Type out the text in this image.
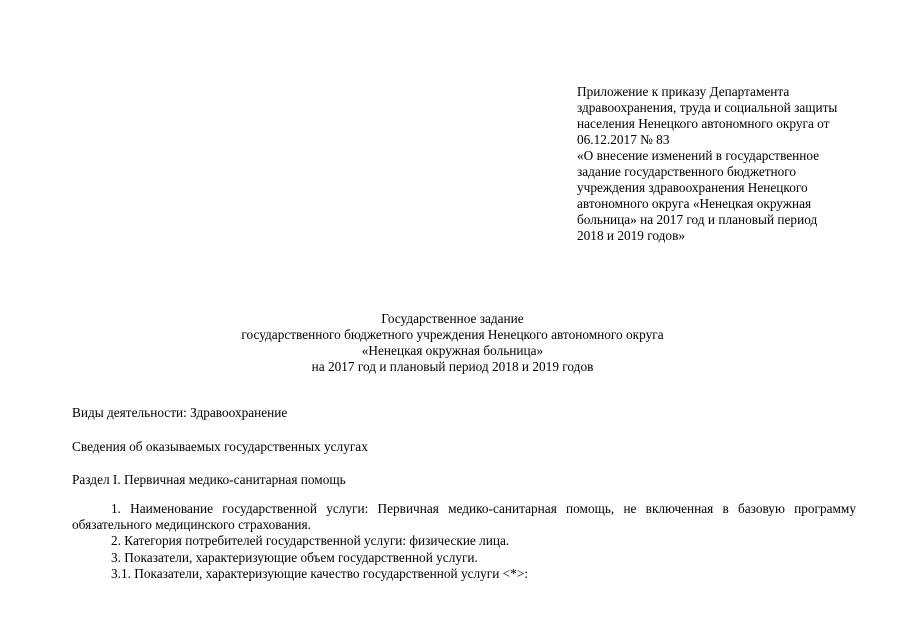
Приложение к приказу Департамента
здравоохранения, труда и социальной защиты
населения Ненецкого автономного округа от
06.12.2017 № 83
«О внесение изменений в государственное
задание государственного бюджетного
учреждения здравоохранения Ненецкого
автономного округа «Ненецкая окружная
больница» на 2017 год и плановый период
2018 и 2019 годов»
Государственное задание
государственного бюджетного учреждения Ненецкого автономного округа
«Ненецкая окружная больница»
на 2017 год и плановый период 2018 и 2019 годов
Виды деятельности: Здравоохранение
Сведения об оказываемых государственных услугах
Раздел I. Первичная медико-санитарная помощь
1. Наименование государственной услуги: Первичная медико-санитарная помощь, не включенная в базовую программу
обязательного медицинского страхования.
2. Категория потребителей государственной услуги: физические лица.
3. Показатели, характеризующие объем государственной услуги.
3.1. Показатели, характеризующие качество государственной услуги <*>:
